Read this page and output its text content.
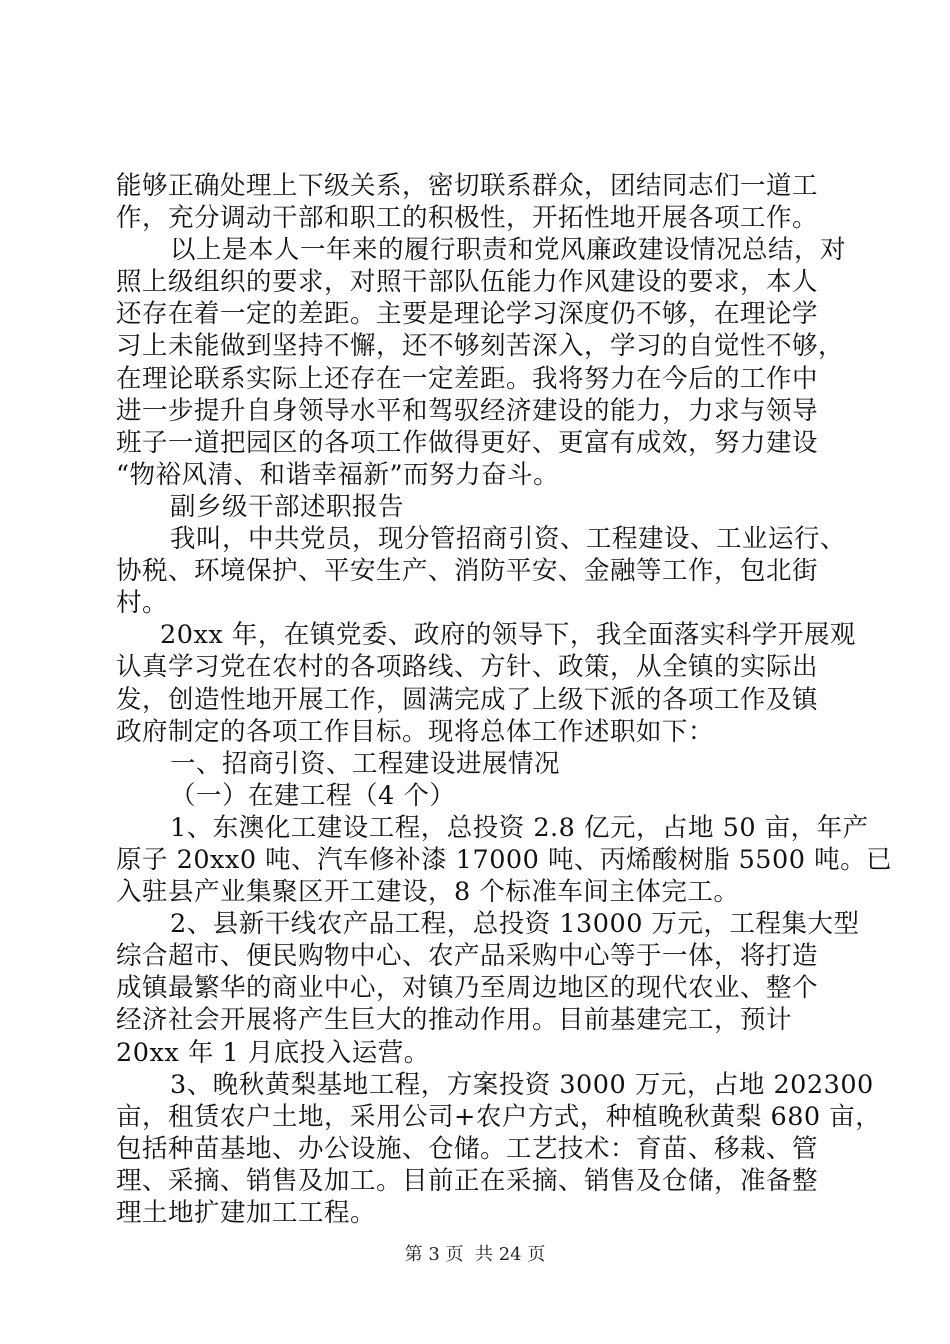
能够正确处理上下级关系，密切联系群众，团结同志们一道工
作，充分调动干部和职工的积极性，开拓性地开展各项工作。
以上是本人一年来的履行职责和党风廉政建设情况总结，对
照上级组织的要求，对照干部队伍能力作风建设的要求，本人
还存在着一定的差距。主要是理论学习深度仍不够，在理论学
习上未能做到坚持不懈，还不够刻苦深入，学习的自觉性不够，
在理论联系实际上还存在一定差距。我将努力在今后的工作中
进一步提升自身领导水平和驾驭经济建设的能力，力求与领导
班子一道把园区的各项工作做得更好、更富有成效，努力建设
“物裕风清、和谐幸福新”而努力奋斗。
副乡级干部述职报告
我叫，中共党员，现分管招商引资、工程建设、工业运行、
协税、环境保护、平安生产、消防平安、金融等工作，包北街
村。
20xx 年，在镇党委、政府的领导下，我全面落实科学开展观
认真学习党在农村的各项路线、方针、政策，从全镇的实际出
发，创造性地开展工作，圆满完成了上级下派的各项工作及镇
政府制定的各项工作目标。现将总体工作述职如下：
一、招商引资、工程建设进展情况
（一）在建工程（4 个）
1、东澳化工建设工程，总投资 2.8 亿元，占地 50 亩，年产
原子 20xx0 吨、汽车修补漆 17000 吨、丙烯酸树脂 5500 吨。已
入驻县产业集聚区开工建设，8 个标准车间主体完工。
2、县新干线农产品工程，总投资 13000 万元，工程集大型
综合超市、便民购物中心、农产品采购中心等于一体，将打造
成镇最繁华的商业中心，对镇乃至周边地区的现代农业、整个
经济社会开展将产生巨大的推动作用。目前基建完工，预计
20xx 年 1 月底投入运营。
3、晚秋黄梨基地工程，方案投资 3000 万元，占地 202300
亩，租赁农户土地，采用公司+农户方式，种植晚秋黄梨 680 亩，
包括种苗基地、办公设施、仓储。工艺技术：育苗、移栽、管
理、采摘、销售及加工。目前正在采摘、销售及仓储，准备整
理土地扩建加工工程。
第 3 页  共 24 页
